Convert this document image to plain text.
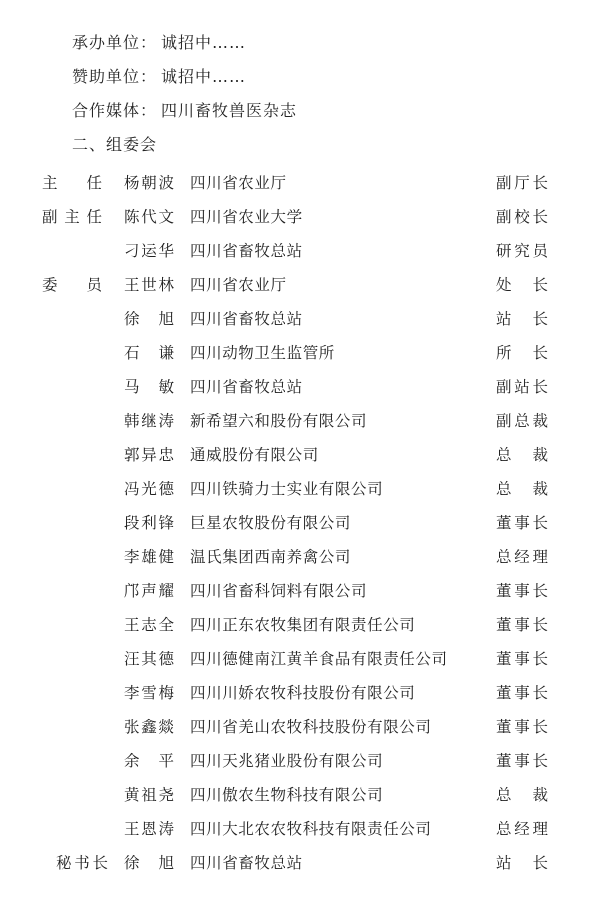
承办单位： 诚招中……
赞助单位： 诚招中……
合作媒体： 四川畜牧兽医杂志
二、组委会
主　任 杨朝波 四川省农业厅	副厅长
副主任 陈代文 四川省农业大学	副校长
刁运华 四川省畜牧总站	研究员
委　员 王世林 四川省农业厅	处　长
徐　旭 四川省畜牧总站	站　长
石　谦 四川动物卫生监管所	所　长
马　敏 四川省畜牧总站	副站长
韩继涛 新希望六和股份有限公司	副总裁
郭异忠 通威股份有限公司	总　裁
冯光德 四川铁骑力士实业有限公司	总　裁
段利锋 巨星农牧股份有限公司	董事长
李雄健 温氏集团西南养禽公司	总经理
邝声耀 四川省畜科饲料有限公司	董事长
王志全 四川正东农牧集团有限责任公司	董事长
汪其德 四川德健南江黄羊食品有限责任公司	董事长
李雪梅 四川川娇农牧科技股份有限公司	董事长
张鑫燚 四川省羌山农牧科技股份有限公司	董事长
余　平 四川天兆猪业股份有限公司	董事长
黄祖尧 四川傲农生物科技有限公司	总　裁
王恩涛 四川大北农农牧科技有限责任公司	总经理
秘书长 徐　旭 四川省畜牧总站	站　长
